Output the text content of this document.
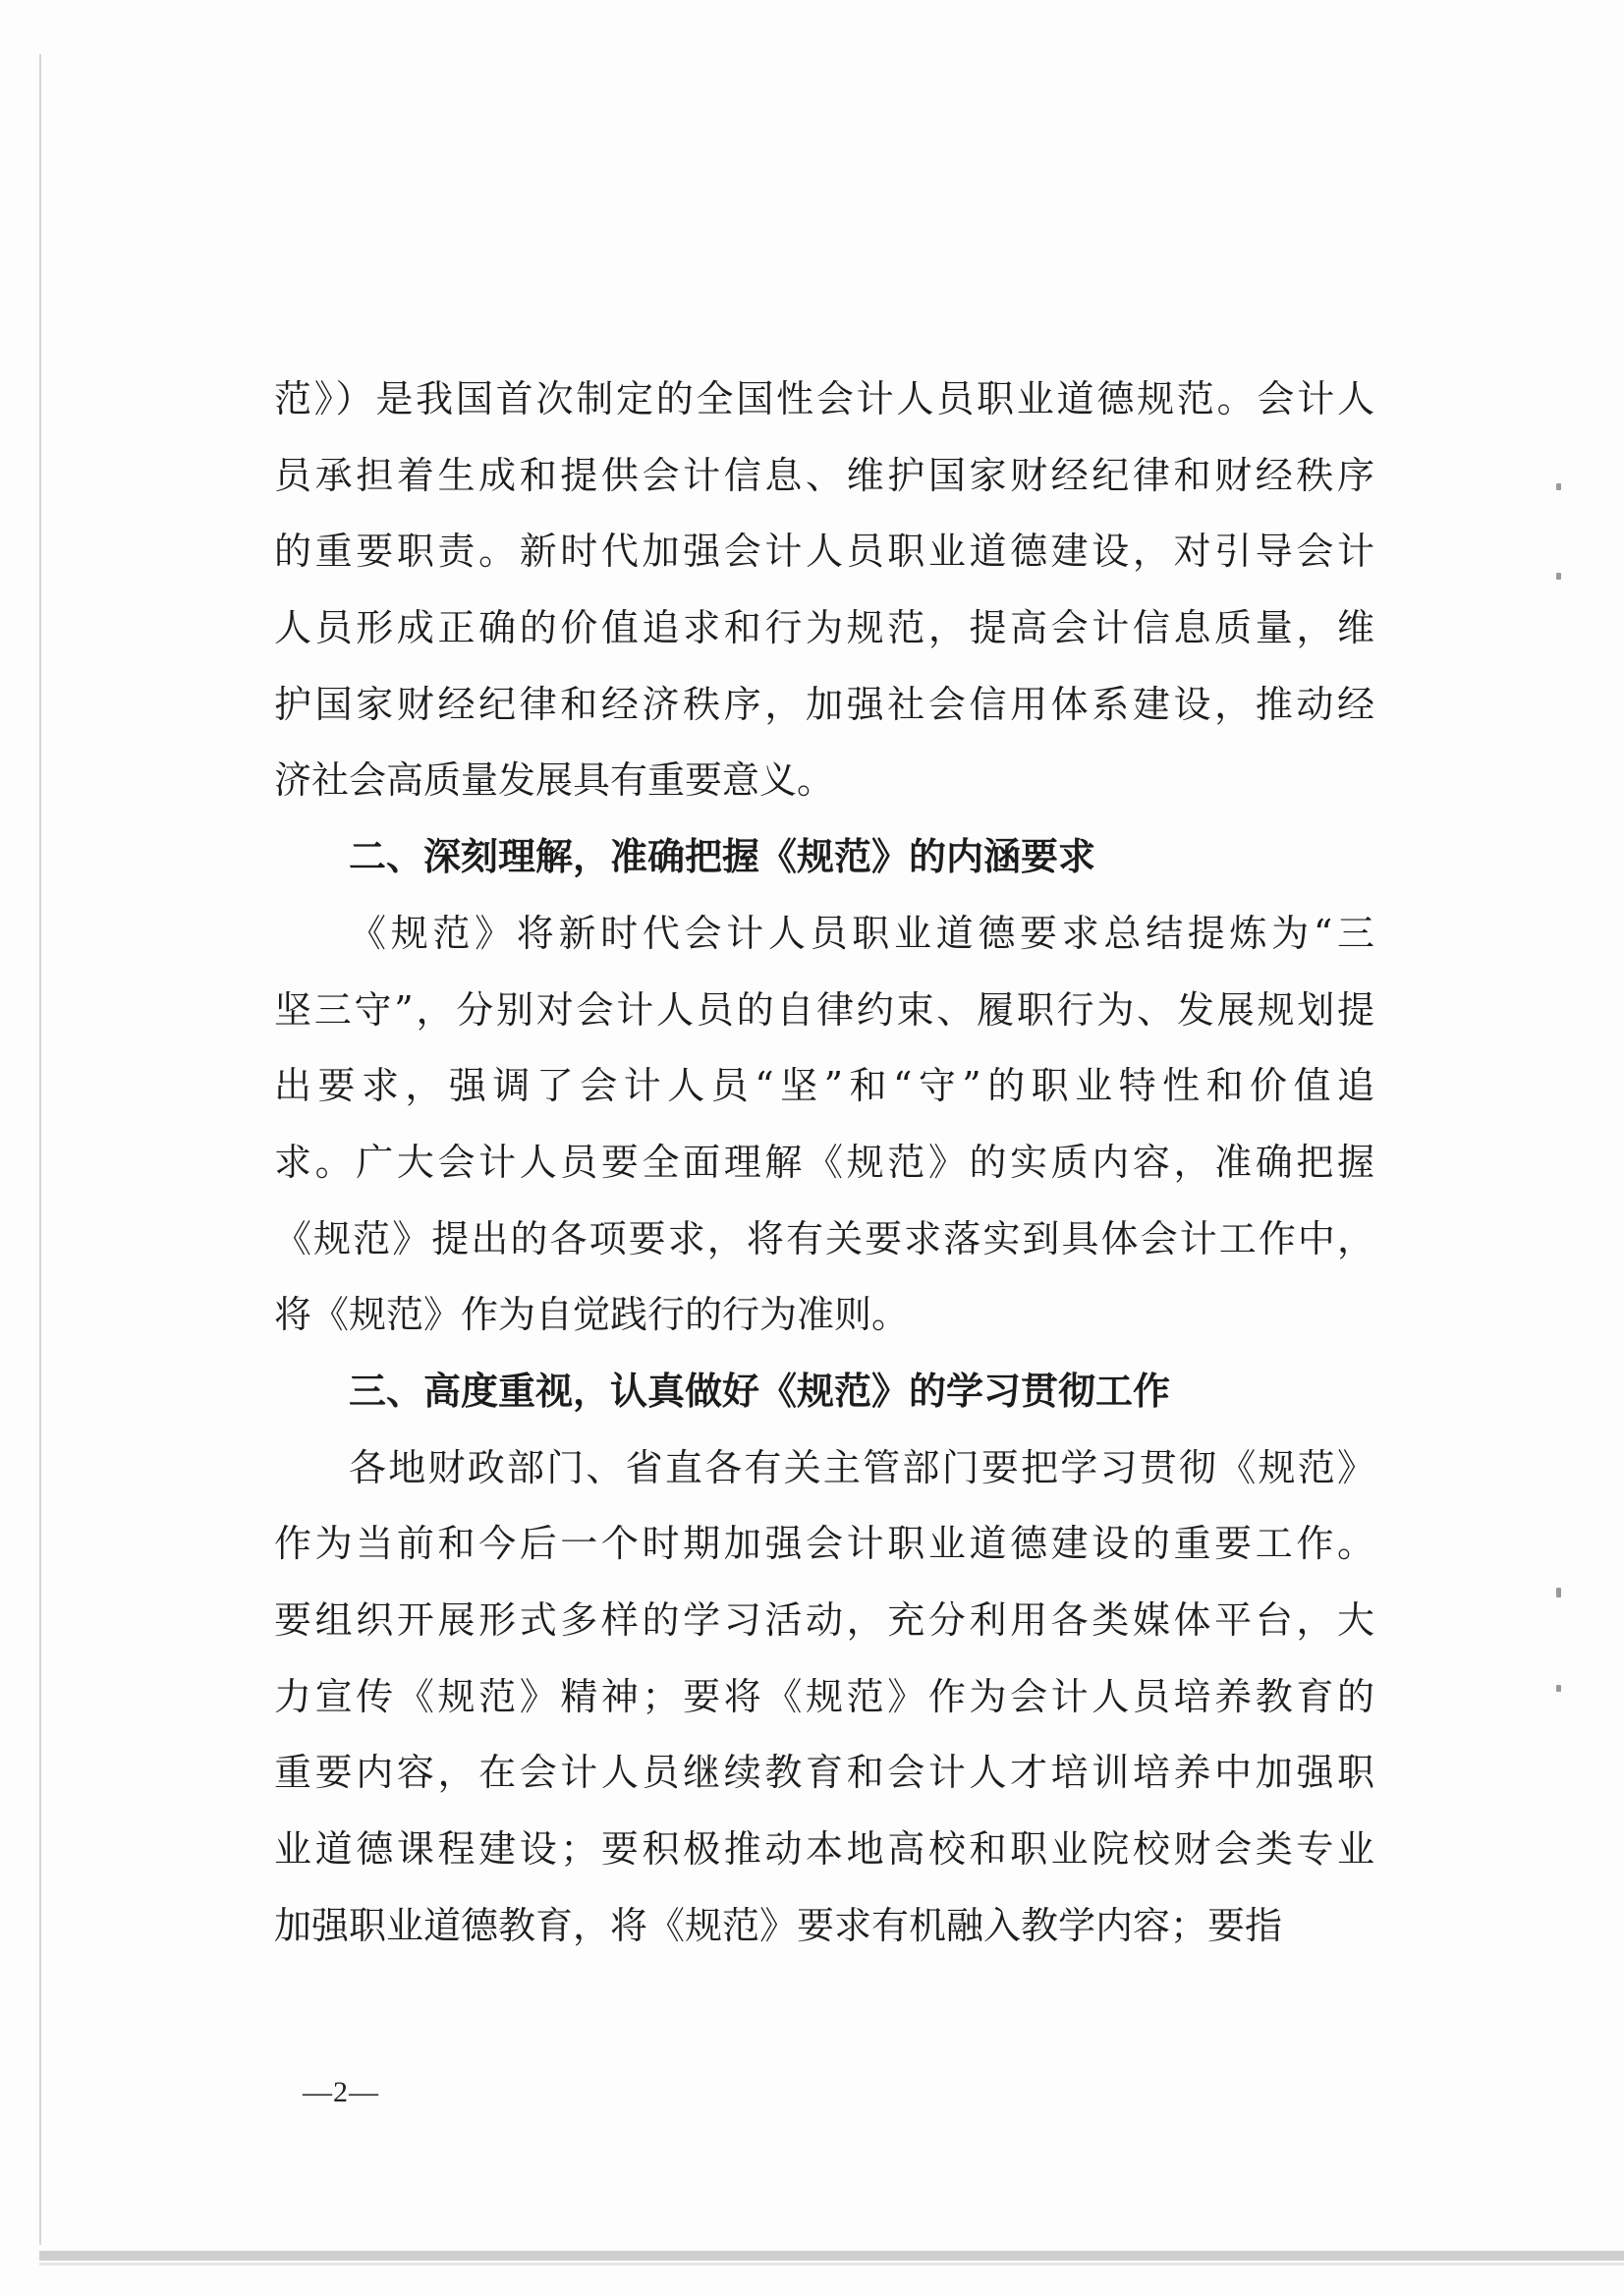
范》）是我国首次制定的全国性会计人员职业道德规范。会计人
员承担着生成和提供会计信息、维护国家财经纪律和财经秩序
的重要职责。新时代加强会计人员职业道德建设，对引导会计
人员形成正确的价值追求和行为规范，提高会计信息质量，维
护国家财经纪律和经济秩序，加强社会信用体系建设，推动经
济社会高质量发展具有重要意义。
二、深刻理解，准确把握《规范》的内涵要求
《规范》将新时代会计人员职业道德要求总结提炼为“三
坚三守”，分别对会计人员的自律约束、履职行为、发展规划提
出要求，强调了会计人员“坚”和“守”的职业特性和价值追
求。广大会计人员要全面理解《规范》的实质内容，准确把握
《规范》提出的各项要求，将有关要求落实到具体会计工作中，
将《规范》作为自觉践行的行为准则。
三、高度重视，认真做好《规范》的学习贯彻工作
各地财政部门、省直各有关主管部门要把学习贯彻《规范》
作为当前和今后一个时期加强会计职业道德建设的重要工作。
要组织开展形式多样的学习活动，充分利用各类媒体平台，大
力宣传《规范》精神；要将《规范》作为会计人员培养教育的
重要内容，在会计人员继续教育和会计人才培训培养中加强职
业道德课程建设；要积极推动本地高校和职业院校财会类专业
加强职业道德教育，将《规范》要求有机融入教学内容；要指
—2—
